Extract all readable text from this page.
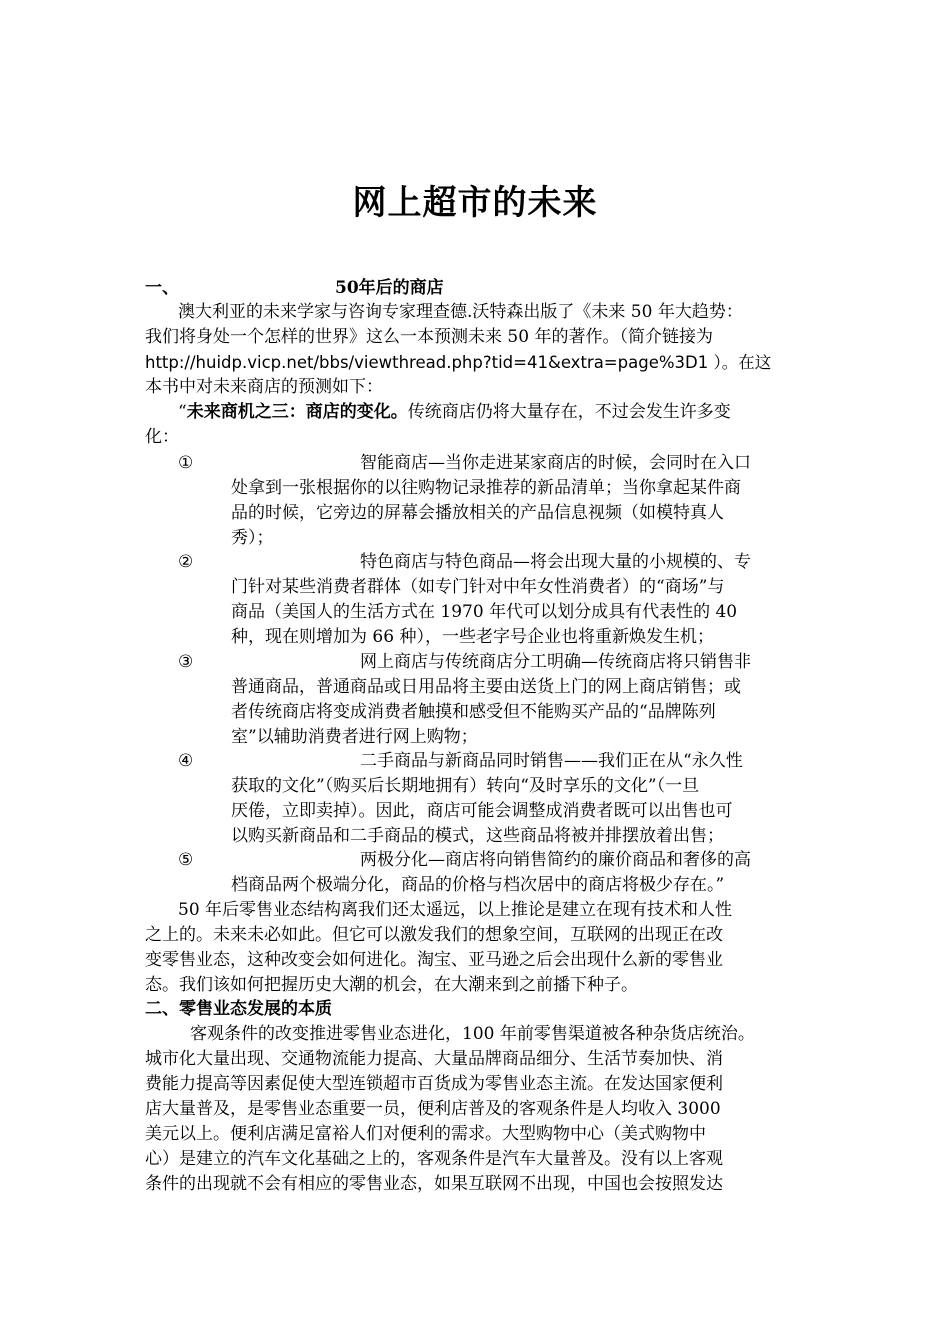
网上超市的未来
一、	50年后的商店
澳大利亚的未来学家与咨询专家理查德.沃特森出版了《未来 50 年大趋势：
我们将身处一个怎样的世界》这么一本预测未来 50 年的著作。（简介链接为
http://huidp.vicp.net/bbs/viewthread.php?tid=41&extra=page%3D1 ）。在这
本书中对未来商店的预测如下：
“未来商机之三：商店的变化。传统商店仍将大量存在，不过会发生许多变
化：
①	智能商店—当你走进某家商店的时候，会同时在入口
处拿到一张根据你的以往购物记录推荐的新品清单；当你拿起某件商
品的时候，它旁边的屏幕会播放相关的产品信息视频（如模特真人
秀）；
②	特色商店与特色商品—将会出现大量的小规模的、专
门针对某些消费者群体（如专门针对中年女性消费者）的“商场”与
商品（美国人的生活方式在 1970 年代可以划分成具有代表性的 40
种，现在则增加为 66 种），一些老字号企业也将重新焕发生机；
③	网上商店与传统商店分工明确—传统商店将只销售非
普通商品，普通商品或日用品将主要由送货上门的网上商店销售；或
者传统商店将变成消费者触摸和感受但不能购买产品的“品牌陈列
室”以辅助消费者进行网上购物；
④	二手商品与新商品同时销售——我们正在从“永久性
获取的文化”（购买后长期地拥有）转向“及时享乐的文化”（一旦
厌倦，立即卖掉）。因此，商店可能会调整成消费者既可以出售也可
以购买新商品和二手商品的模式，这些商品将被并排摆放着出售；
⑤	两极分化—商店将向销售简约的廉价商品和奢侈的高
档商品两个极端分化，商品的价格与档次居中的商店将极少存在。”
50 年后零售业态结构离我们还太遥远，以上推论是建立在现有技术和人性
之上的。未来未必如此。但它可以激发我们的想象空间，互联网的出现正在改
变零售业态，这种改变会如何进化。淘宝、亚马逊之后会出现什么新的零售业
态。我们该如何把握历史大潮的机会，在大潮来到之前播下种子。
二、零售业态发展的本质
客观条件的改变推进零售业态进化，100 年前零售渠道被各种杂货店统治。
城市化大量出现、交通物流能力提高、大量品牌商品细分、生活节奏加快、消
费能力提高等因素促使大型连锁超市百货成为零售业态主流。在发达国家便利
店大量普及，是零售业态重要一员，便利店普及的客观条件是人均收入 3000
美元以上。便利店满足富裕人们对便利的需求。大型购物中心（美式购物中
心）是建立的汽车文化基础之上的，客观条件是汽车大量普及。没有以上客观
条件的出现就不会有相应的零售业态，如果互联网不出现，中国也会按照发达
